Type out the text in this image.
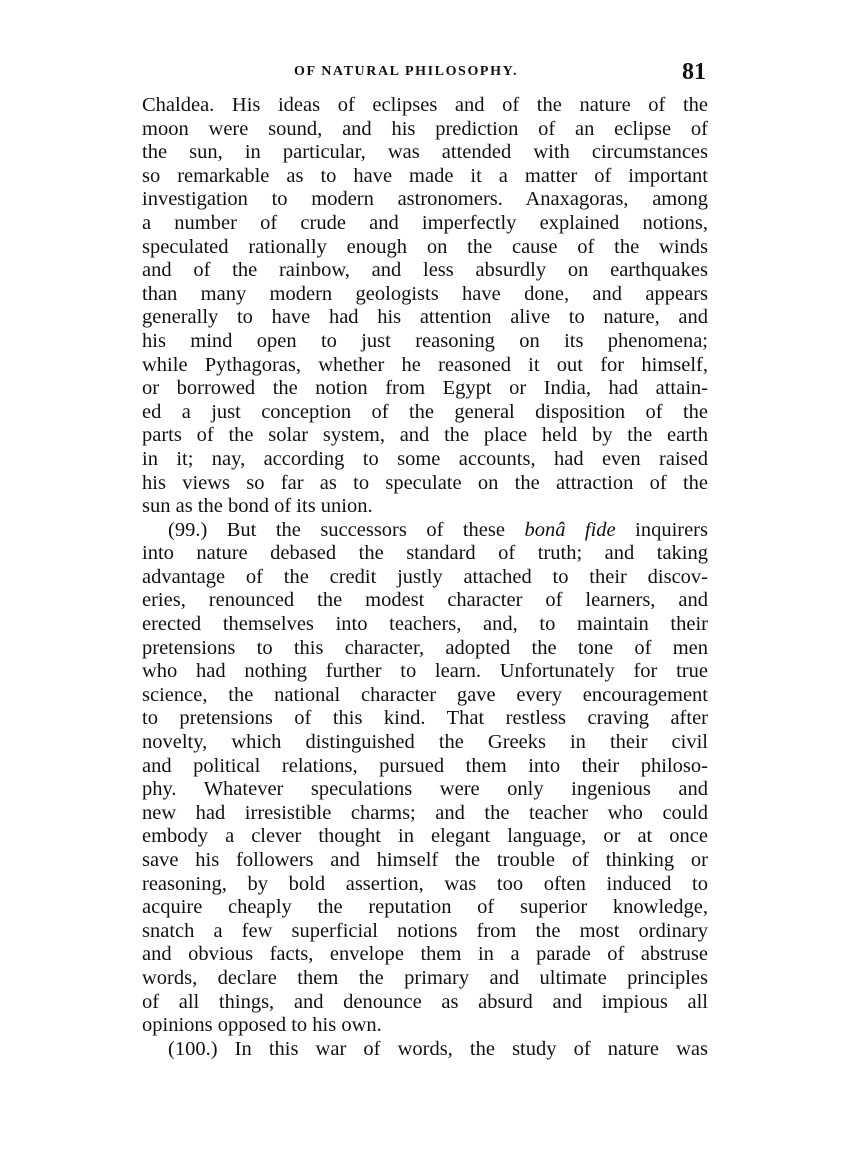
OF NATURAL PHILOSOPHY.	81
Chaldea. His ideas of eclipses and of the nature of the
moon were sound, and his prediction of an eclipse of
the sun, in particular, was attended with circumstances
so remarkable as to have made it a matter of important
investigation to modern astronomers. Anaxagoras, among
a number of crude and imperfectly explained notions,
speculated rationally enough on the cause of the winds
and of the rainbow, and less absurdly on earthquakes
than many modern geologists have done, and appears
generally to have had his attention alive to nature, and
his mind open to just reasoning on its phenomena;
while Pythagoras, whether he reasoned it out for himself,
or borrowed the notion from Egypt or India, had attain-
ed a just conception of the general disposition of the
parts of the solar system, and the place held by the earth
in it; nay, according to some accounts, had even raised
his views so far as to speculate on the attraction of the
sun as the bond of its union.
(99.) But the successors of these bonâ fide inquirers
into nature debased the standard of truth; and taking
advantage of the credit justly attached to their discov-
eries, renounced the modest character of learners, and
erected themselves into teachers, and, to maintain their
pretensions to this character, adopted the tone of men
who had nothing further to learn. Unfortunately for true
science, the national character gave every encouragement
to pretensions of this kind. That restless craving after
novelty, which distinguished the Greeks in their civil
and political relations, pursued them into their philoso-
phy. Whatever speculations were only ingenious and
new had irresistible charms; and the teacher who could
embody a clever thought in elegant language, or at once
save his followers and himself the trouble of thinking or
reasoning, by bold assertion, was too often induced to
acquire cheaply the reputation of superior knowledge,
snatch a few superficial notions from the most ordinary
and obvious facts, envelope them in a parade of abstruse
words, declare them the primary and ultimate principles
of all things, and denounce as absurd and impious all
opinions opposed to his own.
(100.) In this war of words, the study of nature was
